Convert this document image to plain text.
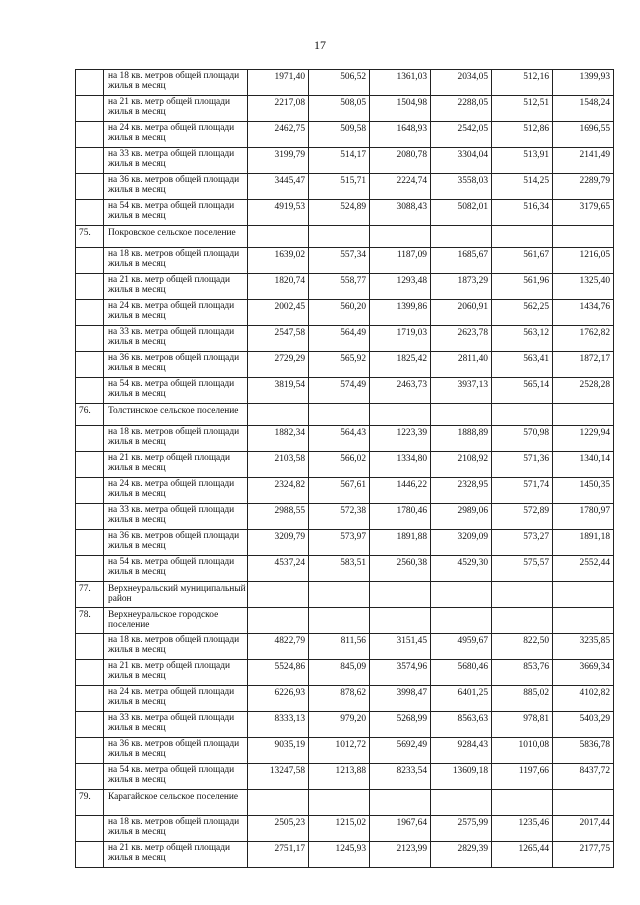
17
	на 18 кв. метров общей площади жилья в месяц	1971,40	506,52	1361,03	2034,05	512,16	1399,93
	на 21 кв. метр общей площади жилья в месяц	2217,08	508,05	1504,98	2288,05	512,51	1548,24
	на 24 кв. метра общей площади жилья в месяц	2462,75	509,58	1648,93	2542,05	512,86	1696,55
	на 33 кв. метра общей площади жилья в месяц	3199,79	514,17	2080,78	3304,04	513,91	2141,49
	на 36 кв. метров общей площади жилья в месяц	3445,47	515,71	2224,74	3558,03	514,25	2289,79
	на 54 кв. метра общей площади жилья в месяц	4919,53	524,89	3088,43	5082,01	516,34	3179,65
75.	Покровское сельское поселение						
	на 18 кв. метров общей площади жилья в месяц	1639,02	557,34	1187,09	1685,67	561,67	1216,05
	на 21 кв. метр общей площади жилья в месяц	1820,74	558,77	1293,48	1873,29	561,96	1325,40
	на 24 кв. метра общей площади жилья в месяц	2002,45	560,20	1399,86	2060,91	562,25	1434,76
	на 33 кв. метра общей площади жилья в месяц	2547,58	564,49	1719,03	2623,78	563,12	1762,82
	на 36 кв. метров общей площади жилья в месяц	2729,29	565,92	1825,42	2811,40	563,41	1872,17
	на 54 кв. метра общей площади жилья в месяц	3819,54	574,49	2463,73	3937,13	565,14	2528,28
76.	Толстинское сельское поселение						
	на 18 кв. метров общей площади жилья в месяц	1882,34	564,43	1223,39	1888,89	570,98	1229,94
	на 21 кв. метр общей площади жилья в месяц	2103,58	566,02	1334,80	2108,92	571,36	1340,14
	на 24 кв. метра общей площади жилья в месяц	2324,82	567,61	1446,22	2328,95	571,74	1450,35
	на 33 кв. метра общей площади жилья в месяц	2988,55	572,38	1780,46	2989,06	572,89	1780,97
	на 36 кв. метров общей площади жилья в месяц	3209,79	573,97	1891,88	3209,09	573,27	1891,18
	на 54 кв. метра общей площади жилья в месяц	4537,24	583,51	2560,38	4529,30	575,57	2552,44
77.	Верхнеуральский муниципальный район						
78.	Верхнеуральское городское поселение						
	на 18 кв. метров общей площади жилья в месяц	4822,79	811,56	3151,45	4959,67	822,50	3235,85
	на 21 кв. метр общей площади жилья в месяц	5524,86	845,09	3574,96	5680,46	853,76	3669,34
	на 24 кв. метра общей площади жилья в месяц	6226,93	878,62	3998,47	6401,25	885,02	4102,82
	на 33 кв. метра общей площади жилья в месяц	8333,13	979,20	5268,99	8563,63	978,81	5403,29
	на 36 кв. метров общей площади жилья в месяц	9035,19	1012,72	5692,49	9284,43	1010,08	5836,78
	на 54 кв. метра общей площади жилья в месяц	13247,58	1213,88	8233,54	13609,18	1197,66	8437,72
79.	Карагайское сельское поселение						
	на 18 кв. метров общей площади жилья в месяц	2505,23	1215,02	1967,64	2575,99	1235,46	2017,44
	на 21 кв. метр общей площади жилья в месяц	2751,17	1245,93	2123,99	2829,39	1265,44	2177,75
